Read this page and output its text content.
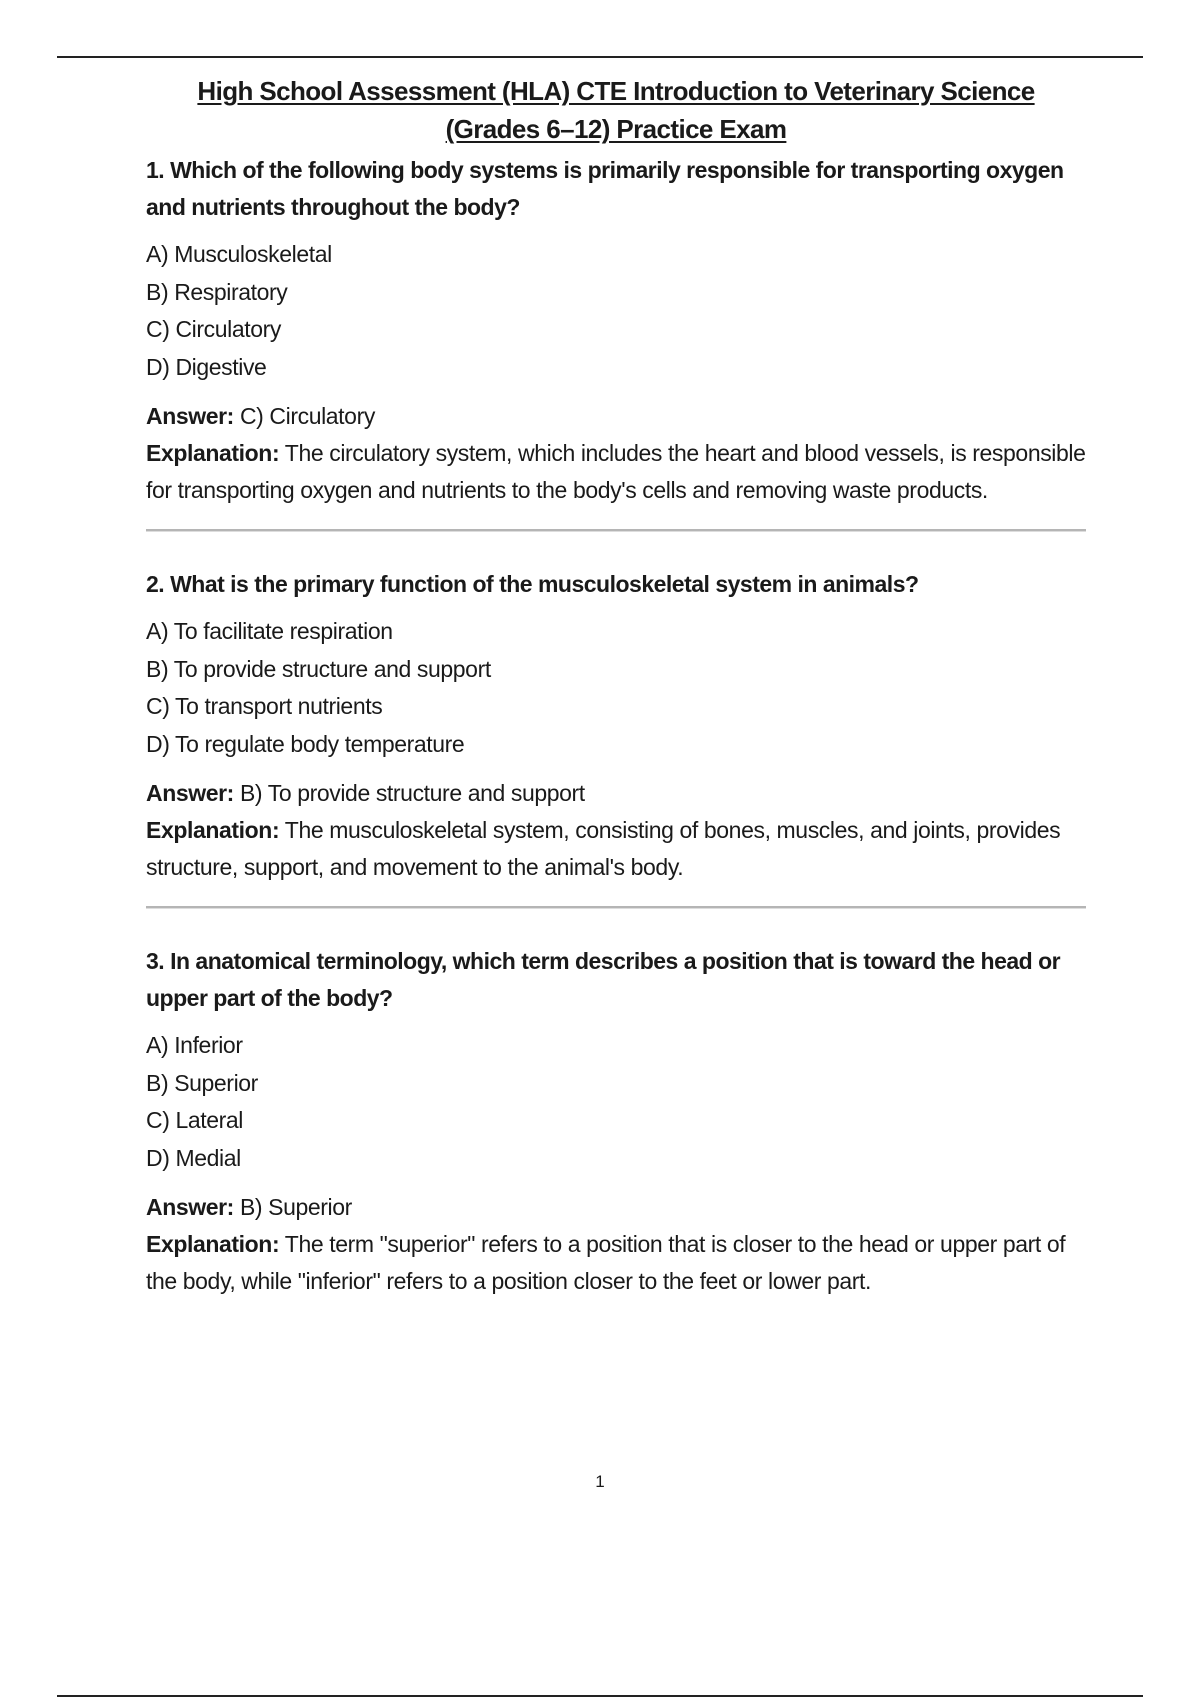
High School Assessment (HLA) CTE Introduction to Veterinary Science
(Grades 6–12) Practice Exam

1. Which of the following body systems is primarily responsible for transporting oxygen and nutrients throughout the body?

A) Musculoskeletal
B) Respiratory
C) Circulatory
D) Digestive

Answer: C) Circulatory

Explanation: The circulatory system, which includes the heart and blood vessels, is responsible for transporting oxygen and nutrients to the body's cells and removing waste products.

2. What is the primary function of the musculoskeletal system in animals?

A) To facilitate respiration
B) To provide structure and support
C) To transport nutrients
D) To regulate body temperature

Answer: B) To provide structure and support

Explanation: The musculoskeletal system, consisting of bones, muscles, and joints, provides structure, support, and movement to the animal's body.

3. In anatomical terminology, which term describes a position that is toward the head or upper part of the body?

A) Inferior
B) Superior
C) Lateral
D) Medial

Answer: B) Superior

Explanation: The term "superior" refers to a position that is closer to the head or upper part of the body, while "inferior" refers to a position closer to the feet or lower part.

1
